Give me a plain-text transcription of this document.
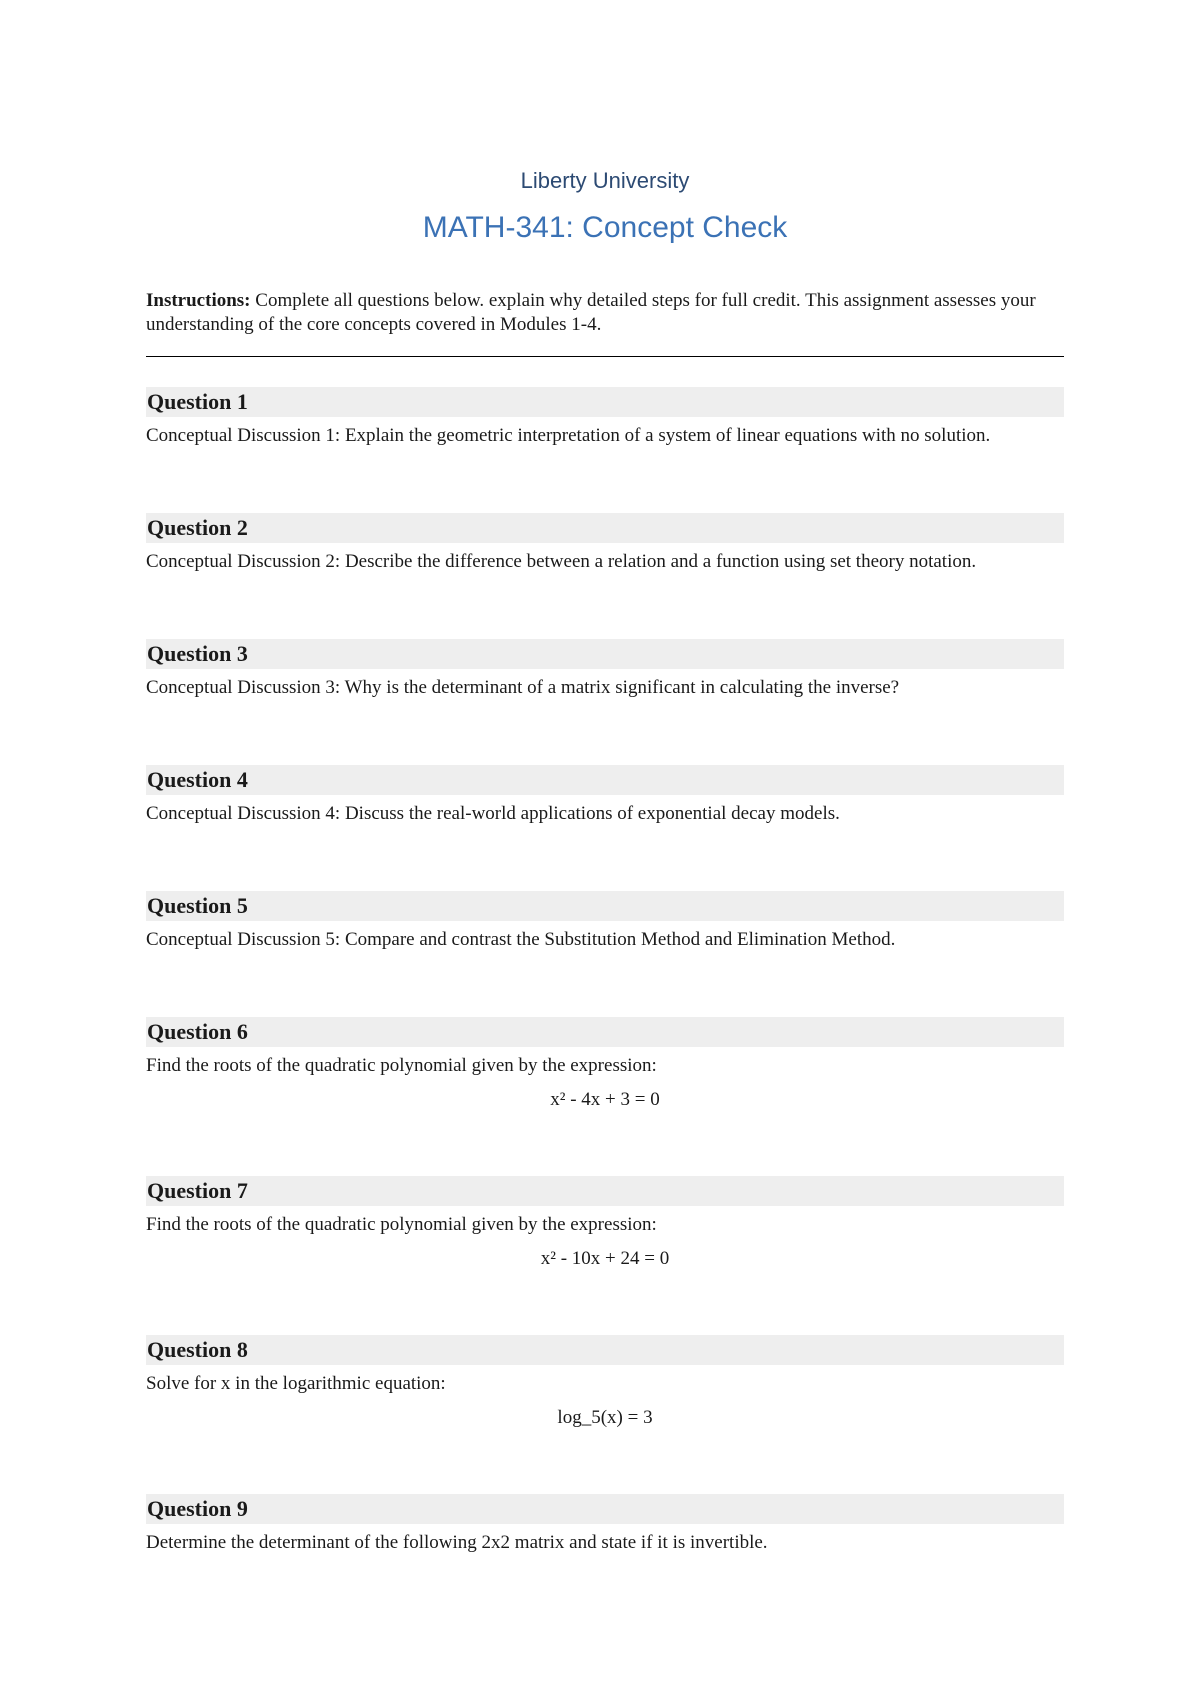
Liberty University
MATH-341: Concept Check
Instructions: Complete all questions below. explain why detailed steps for full credit. This assignment assesses your understanding of the core concepts covered in Modules 1-4.
Question 1
Conceptual Discussion 1: Explain the geometric interpretation of a system of linear equations with no solution.
Question 2
Conceptual Discussion 2: Describe the difference between a relation and a function using set theory notation.
Question 3
Conceptual Discussion 3: Why is the determinant of a matrix significant in calculating the inverse?
Question 4
Conceptual Discussion 4: Discuss the real-world applications of exponential decay models.
Question 5
Conceptual Discussion 5: Compare and contrast the Substitution Method and Elimination Method.
Question 6
Find the roots of the quadratic polynomial given by the expression:
x² - 4x + 3 = 0
Question 7
Find the roots of the quadratic polynomial given by the expression:
x² - 10x + 24 = 0
Question 8
Solve for x in the logarithmic equation:
log_5(x) = 3
Question 9
Determine the determinant of the following 2x2 matrix and state if it is invertible.
